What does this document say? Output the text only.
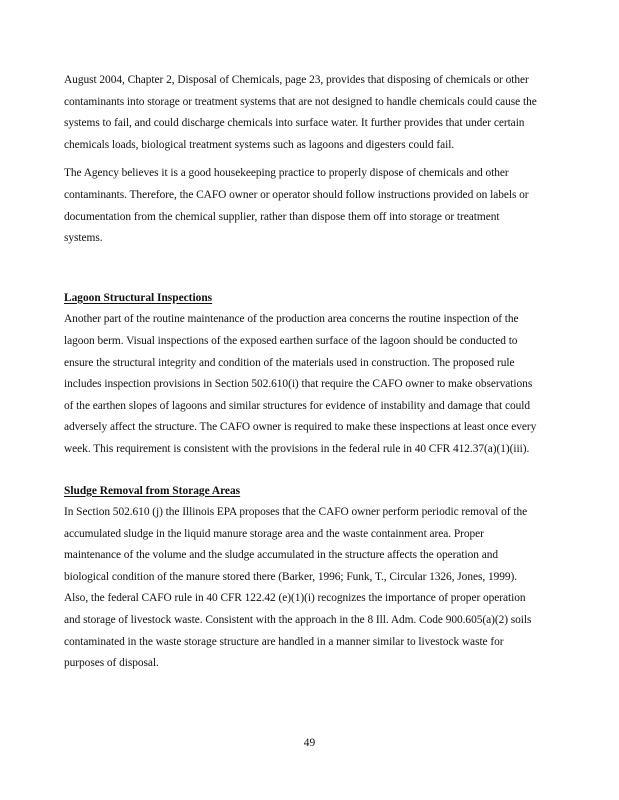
August 2004, Chapter 2, Disposal of Chemicals, page 23, provides that disposing of chemicals or other contaminants into storage or treatment systems that are not designed to handle chemicals could cause the systems to fail, and could discharge chemicals into surface water. It further provides that under certain chemicals loads, biological treatment systems such as lagoons and digesters could fail.

The Agency believes it is a good housekeeping practice to properly dispose of chemicals and other contaminants. Therefore, the CAFO owner or operator should follow instructions provided on labels or documentation from the chemical supplier, rather than dispose them off into storage or treatment systems.

Lagoon Structural Inspections

Another part of the routine maintenance of the production area concerns the routine inspection of the lagoon berm. Visual inspections of the exposed earthen surface of the lagoon should be conducted to ensure the structural integrity and condition of the materials used in construction. The proposed rule includes inspection provisions in Section 502.610(i) that require the CAFO owner to make observations of the earthen slopes of lagoons and similar structures for evidence of instability and damage that could adversely affect the structure. The CAFO owner is required to make these inspections at least once every week. This requirement is consistent with the provisions in the federal rule in 40 CFR 412.37(a)(1)(iii).

Sludge Removal from Storage Areas

In Section 502.610 (j) the Illinois EPA proposes that the CAFO owner perform periodic removal of the accumulated sludge in the liquid manure storage area and the waste containment area. Proper maintenance of the volume and the sludge accumulated in the structure affects the operation and biological condition of the manure stored there (Barker, 1996; Funk, T., Circular 1326, Jones, 1999). Also, the federal CAFO rule in 40 CFR 122.42 (e)(1)(i) recognizes the importance of proper operation and storage of livestock waste. Consistent with the approach in the 8 Ill. Adm. Code 900.605(a)(2) soils contaminated in the waste storage structure are handled in a manner similar to livestock waste for purposes of disposal.

49
